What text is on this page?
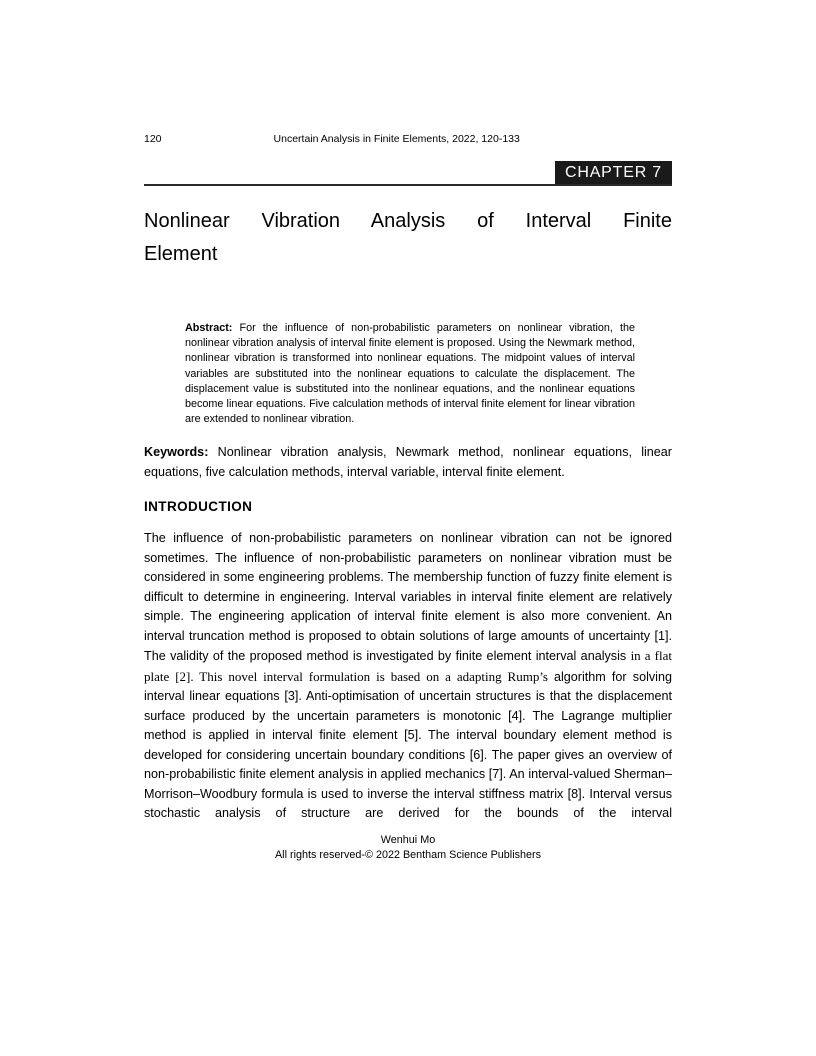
120	Uncertain Analysis in Finite Elements, 2022, 120-133
CHAPTER 7
Nonlinear Vibration Analysis of Interval Finite
Element
Abstract: For the influence of non-probabilistic parameters on nonlinear vibration, the nonlinear vibration analysis of interval finite element is proposed. Using the Newmark method, nonlinear vibration is transformed into nonlinear equations. The midpoint values of interval variables are substituted into the nonlinear equations to calculate the displacement. The displacement value is substituted into the nonlinear equations, and the nonlinear equations become linear equations. Five calculation methods of interval finite element for linear vibration are extended to nonlinear vibration.
Keywords: Nonlinear vibration analysis, Newmark method, nonlinear equations, linear equations, five calculation methods, interval variable, interval finite element.
INTRODUCTION
The influence of non-probabilistic parameters on nonlinear vibration can not be ignored sometimes. The influence of non-probabilistic parameters on nonlinear vibration must be considered in some engineering problems. The membership function of fuzzy finite element is difficult to determine in engineering. Interval variables in interval finite element are relatively simple. The engineering application of interval finite element is also more convenient. An interval truncation method is proposed to obtain solutions of large amounts of uncertainty [1]. The validity of the proposed method is investigated by finite element interval analysis in a flat plate [2]. This novel interval formulation is based on a adapting Rump’s algorithm for solving interval linear equations [3]. Anti-optimisation of uncertain structures is that the displacement surface produced by the uncertain parameters is monotonic [4]. The Lagrange multiplier method is applied in interval finite element [5]. The interval boundary element method is developed for considering uncertain boundary conditions [6]. The paper gives an overview of non-probabilistic finite element analysis in applied mechanics [7]. An interval-valued Sherman–Morrison–Woodbury formula is used to inverse the interval stiffness matrix [8]. Interval versus stochastic analysis of structure are derived for the bounds of the interval
Wenhui Mo
All rights reserved-© 2022 Bentham Science Publishers
